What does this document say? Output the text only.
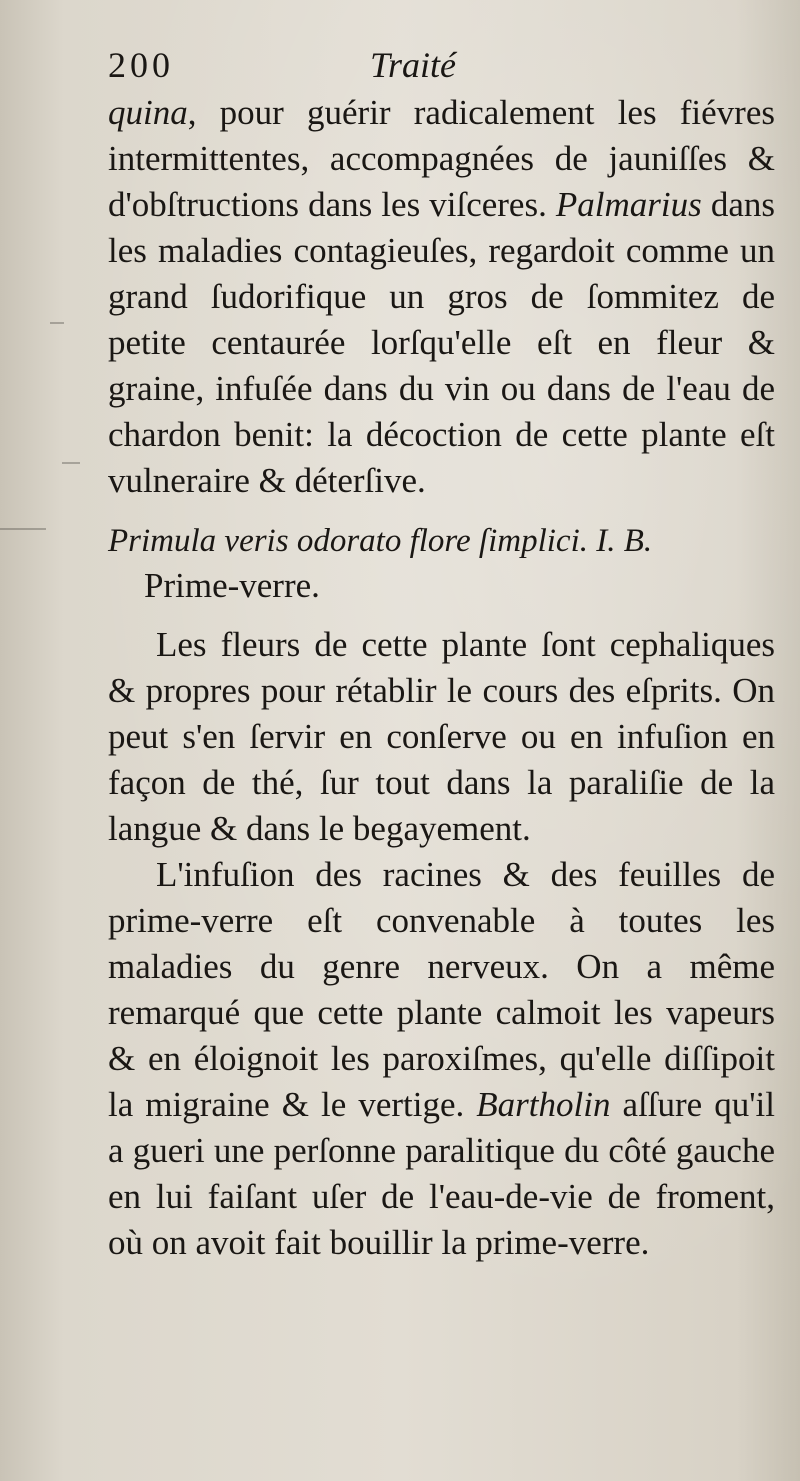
200	Traité

quina, pour guérir radicalement les fiévres intermittentes, accompagnées de jauniſſes & d'obſtructions dans les viſceres. Palmarius dans les maladies contagieuſes, regardoit comme un grand ſudorifique un gros de ſommitez de petite centaurée lorſqu'elle eſt en fleur & graine, infuſée dans du vin ou dans de l'eau de chardon benit: la décoction de cette plante eſt vulneraire & déterſive.

Primula veris odorato flore ſimplici. I. B.
Prime-verre.

Les fleurs de cette plante ſont cephaliques & propres pour rétablir le cours des eſprits. On peut s'en ſervir en conſerve ou en infuſion en façon de thé, ſur tout dans la paraliſie de la langue & dans le begayement.

L'infuſion des racines & des feuilles de prime-verre eſt convenable à toutes les maladies du genre nerveux. On a même remarqué que cette plante calmoit les vapeurs & en éloignoit les paroxiſmes, qu'elle diſſipoit la migraine & le vertige. Bartholin aſſure qu'il a gueri une perſonne paralitique du côté gauche en lui faiſant uſer de l'eau-de-vie de froment, où on avoit fait bouillir la prime-verre.
